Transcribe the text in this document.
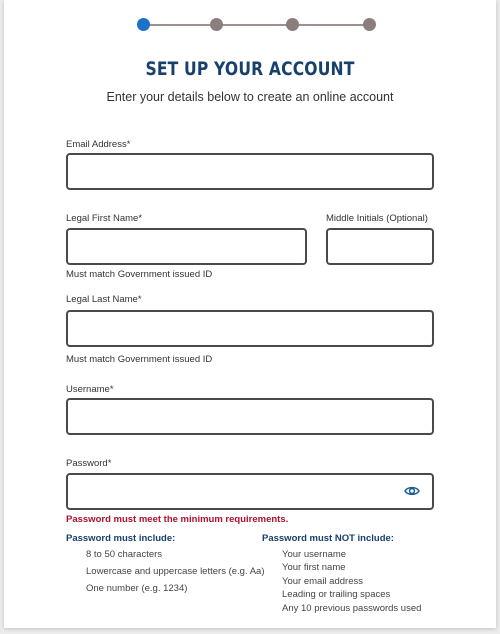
SET UP YOUR ACCOUNT
Enter your details below to create an online account
Email Address*
Legal First Name*
Must match Government issued ID
Middle Initials (Optional)
Legal Last Name*
Must match Government issued ID
Username*
Password*
Password must meet the minimum requirements.
Password must include:
8 to 50 characters
Lowercase and uppercase letters (e.g. Aa)
One number (e.g. 1234)
Password must NOT include:
Your username
Your first name
Your email address
Leading or trailing spaces
Any 10 previous passwords used
